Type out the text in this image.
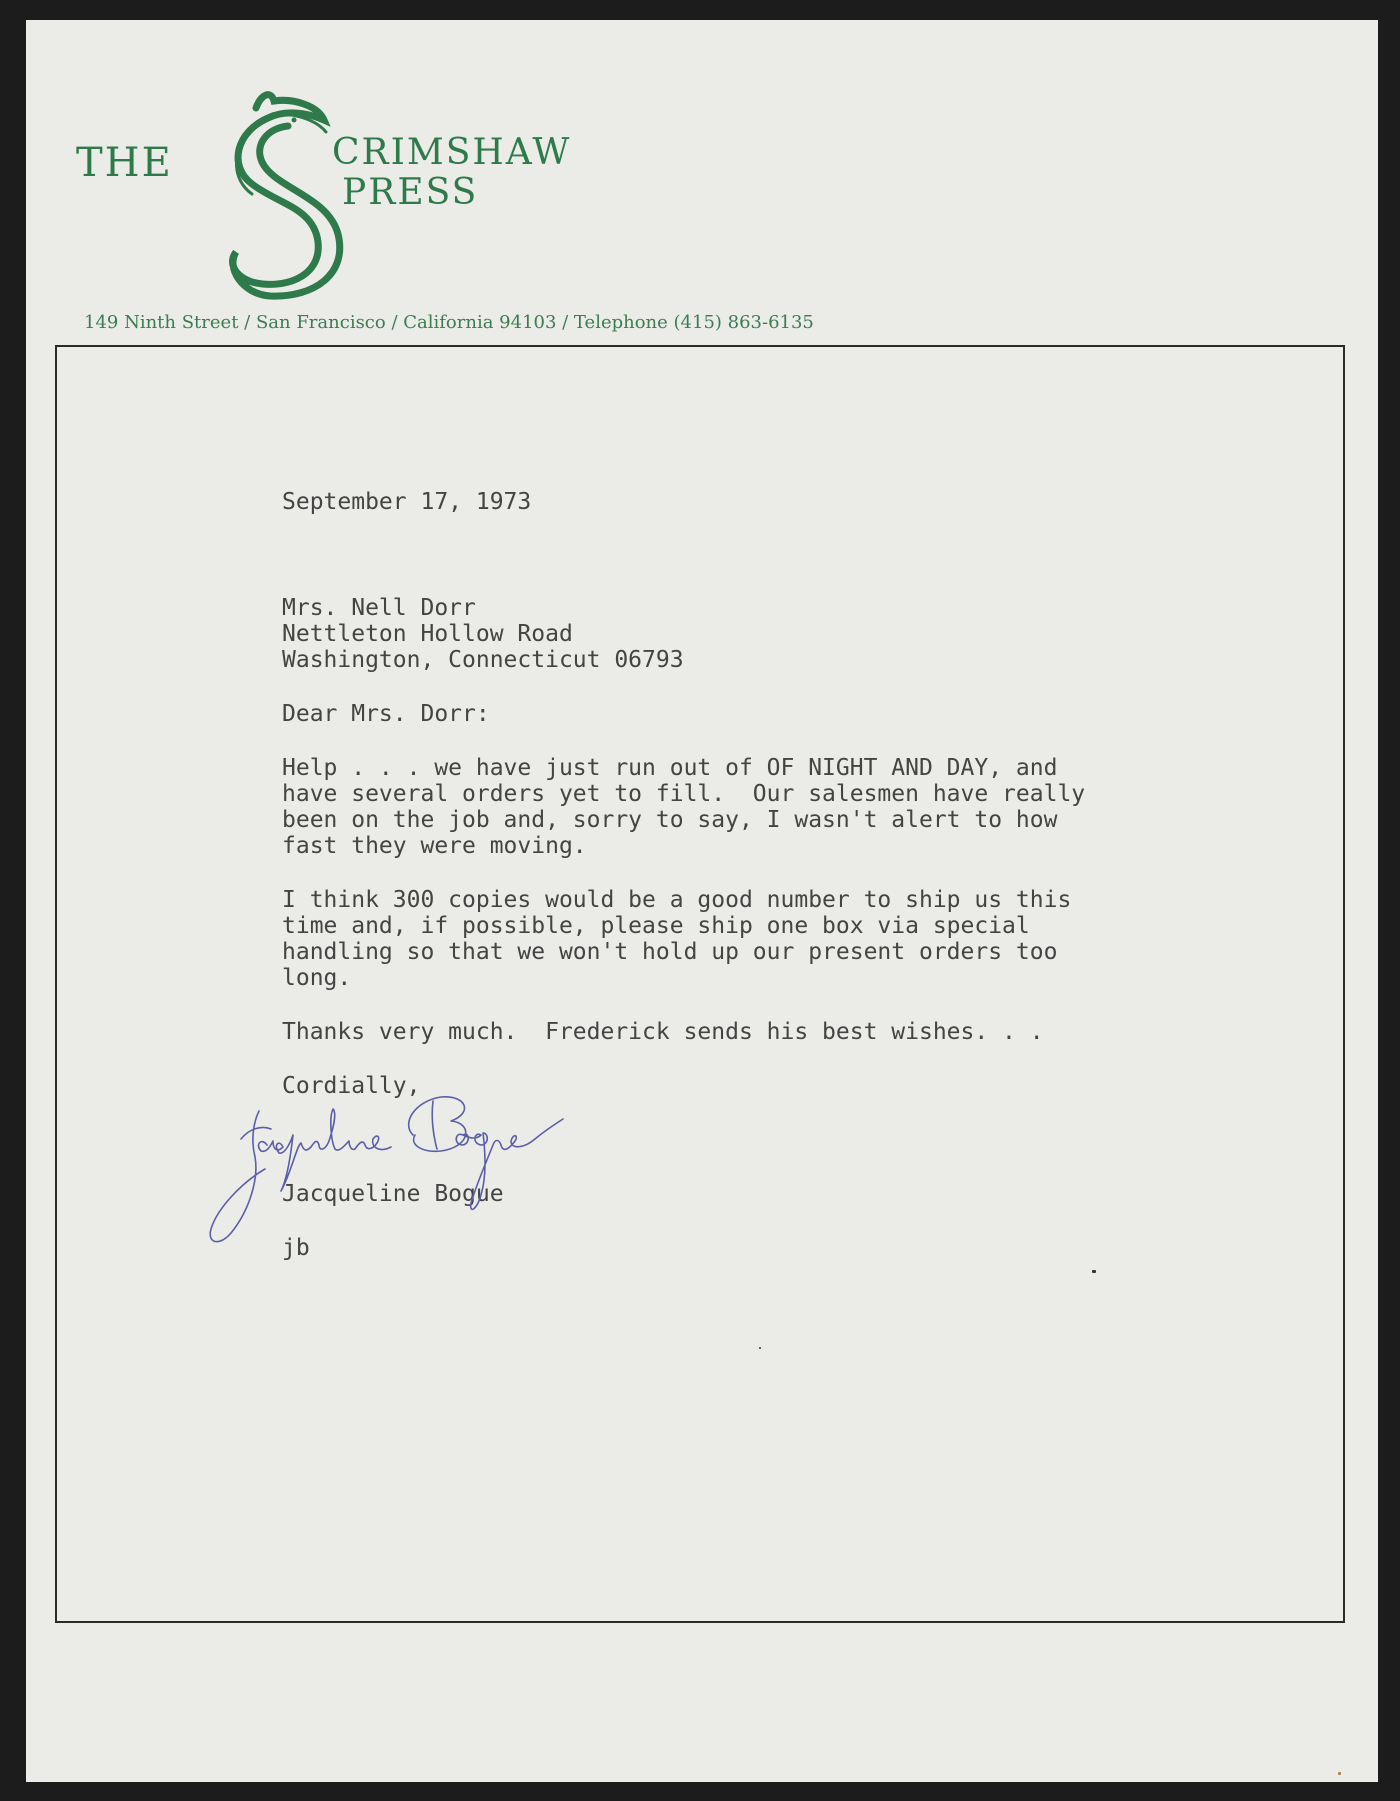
THE	CRIMSHAW
PRESS
149 Ninth Street / San Francisco / California 94103 / Telephone (415) 863-6135
September 17, 1973
Mrs. Nell Dorr
Nettleton Hollow Road
Washington, Connecticut 06793
Dear Mrs. Dorr:
Help . . . we have just run out of OF NIGHT AND DAY, and
have several orders yet to fill.  Our salesmen have really
been on the job and, sorry to say, I wasn't alert to how
fast they were moving.
I think 300 copies would be a good number to ship us this
time and, if possible, please ship one box via special
handling so that we won't hold up our present orders too
long.
Thanks very much.  Frederick sends his best wishes. . .
Cordially,
Jacqueline Bogue
jb
